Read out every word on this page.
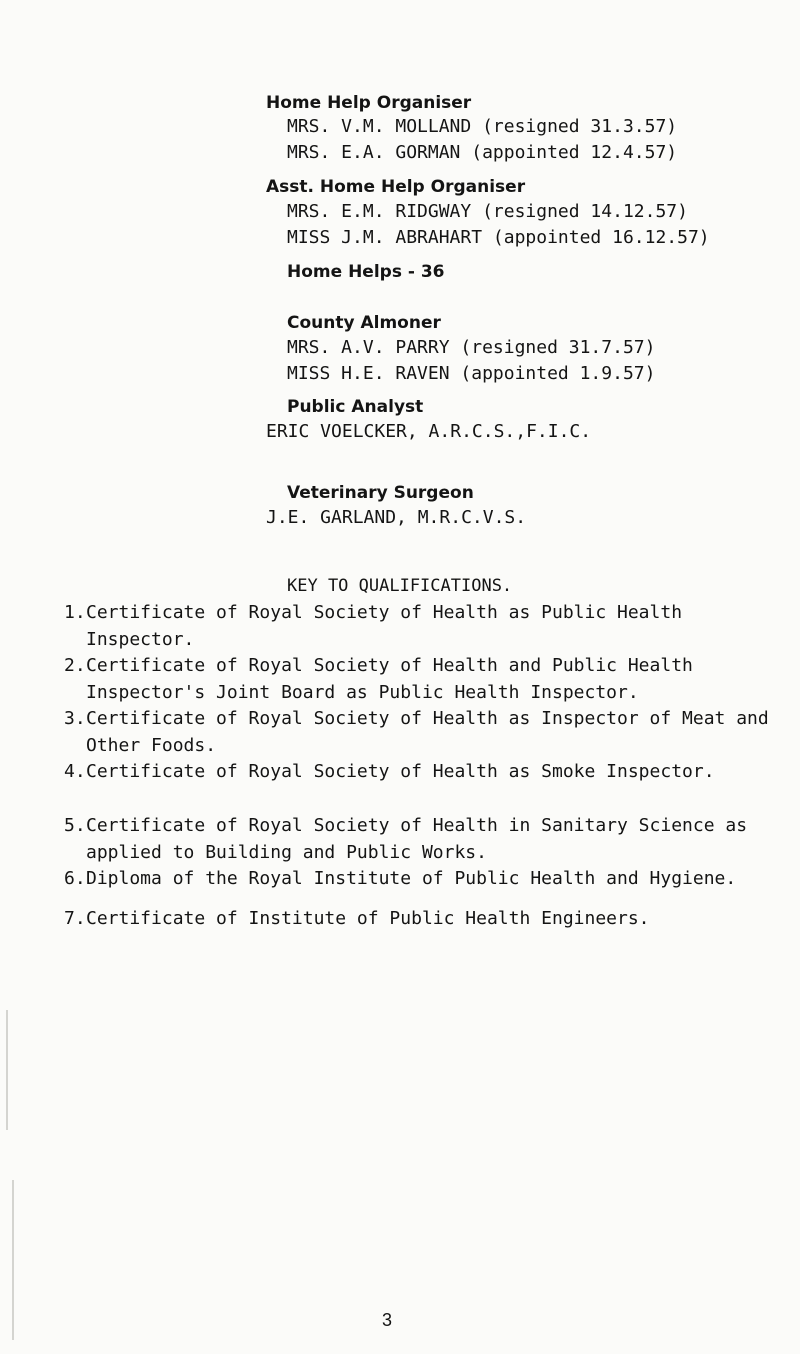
Home Help Organiser
MRS. V.M. MOLLAND (resigned 31.3.57)
MRS. E.A. GORMAN (appointed 12.4.57)
Asst. Home Help Organiser
MRS. E.M. RIDGWAY (resigned 14.12.57)
MISS J.M. ABRAHART (appointed 16.12.57)
Home Helps - 36
County Almoner
MRS. A.V. PARRY (resigned 31.7.57)
MISS H.E. RAVEN (appointed 1.9.57)
Public Analyst
ERIC VOELCKER, A.R.C.S.,F.I.C.
Veterinary Surgeon
J.E. GARLAND, M.R.C.V.S.
KEY TO QUALIFICATIONS.
1. Certificate of Royal Society of Health as Public Health Inspector.
2. Certificate of Royal Society of Health and Public Health Inspector's Joint Board as Public Health Inspector.
3. Certificate of Royal Society of Health as Inspector of Meat and Other Foods.
4. Certificate of Royal Society of Health as Smoke Inspector.
5. Certificate of Royal Society of Health in Sanitary Science as applied to Building and Public Works.
6. Diploma of the Royal Institute of Public Health and Hygiene.
7. Certificate of Institute of Public Health Engineers.
3
